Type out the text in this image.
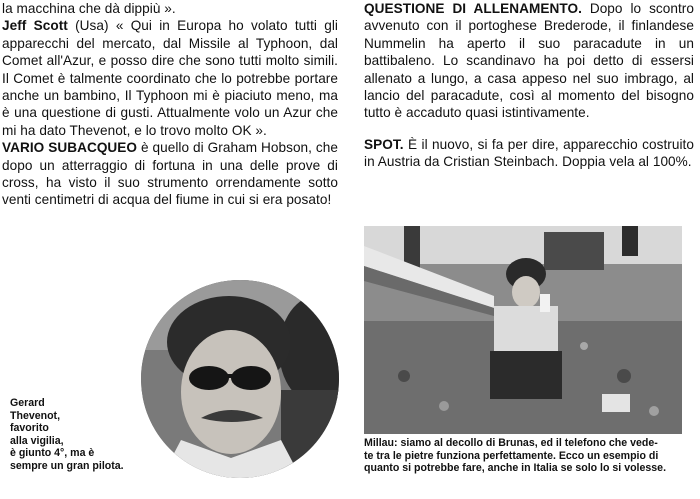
la macchina che dà dippiù ».

Jeff Scott (Usa) « Qui in Europa ho volato tutti gli apparecchi del mercato, dal Missile al Typhoon, dal Comet all'Azur, e posso dire che sono tutti molto simili. Il Comet è talmente coordinato che lo potrebbe portare anche un bambino, Il Typhoon mi è piaciuto meno, ma è una questione di gusti. Attualmente volo un Azur che mi ha dato Thevenot, e lo trovo molto OK ».

VARIO SUBACQUEO è quello di Graham Hobson, che dopo un atterraggio di fortuna in una delle prove di cross, ha visto il suo strumento orrendamente sotto venti centimetri di acqua del fiume in cui si era posato!

QUESTIONE DI ALLENAMENTO. Dopo lo scontro avvenuto con il portoghese Brederode, il finlandese Nummelin ha aperto il suo paracadute in un battibaleno. Lo scandinavo ha poi detto di essersi allenato a lungo, a casa appeso nel suo imbrago, al lancio del paracadute, così al momento del bisogno tutto è accaduto quasi istintivamente.

SPOT. È il nuovo, si fa per dire, apparecchio costruito in Austria da Cristian Steinbach. Doppia vela al 100%.

Gerard
Thevenot,
favorito
alla vigilia,
è giunto 4°, ma è
sempre un gran pilota.
Millau: siamo al decollo di Brunas, ed il telefono che vede-
te tra le pietre funziona perfettamente. Ecco un esempio di
quanto si potrebbe fare, anche in Italia se solo lo si volesse.
